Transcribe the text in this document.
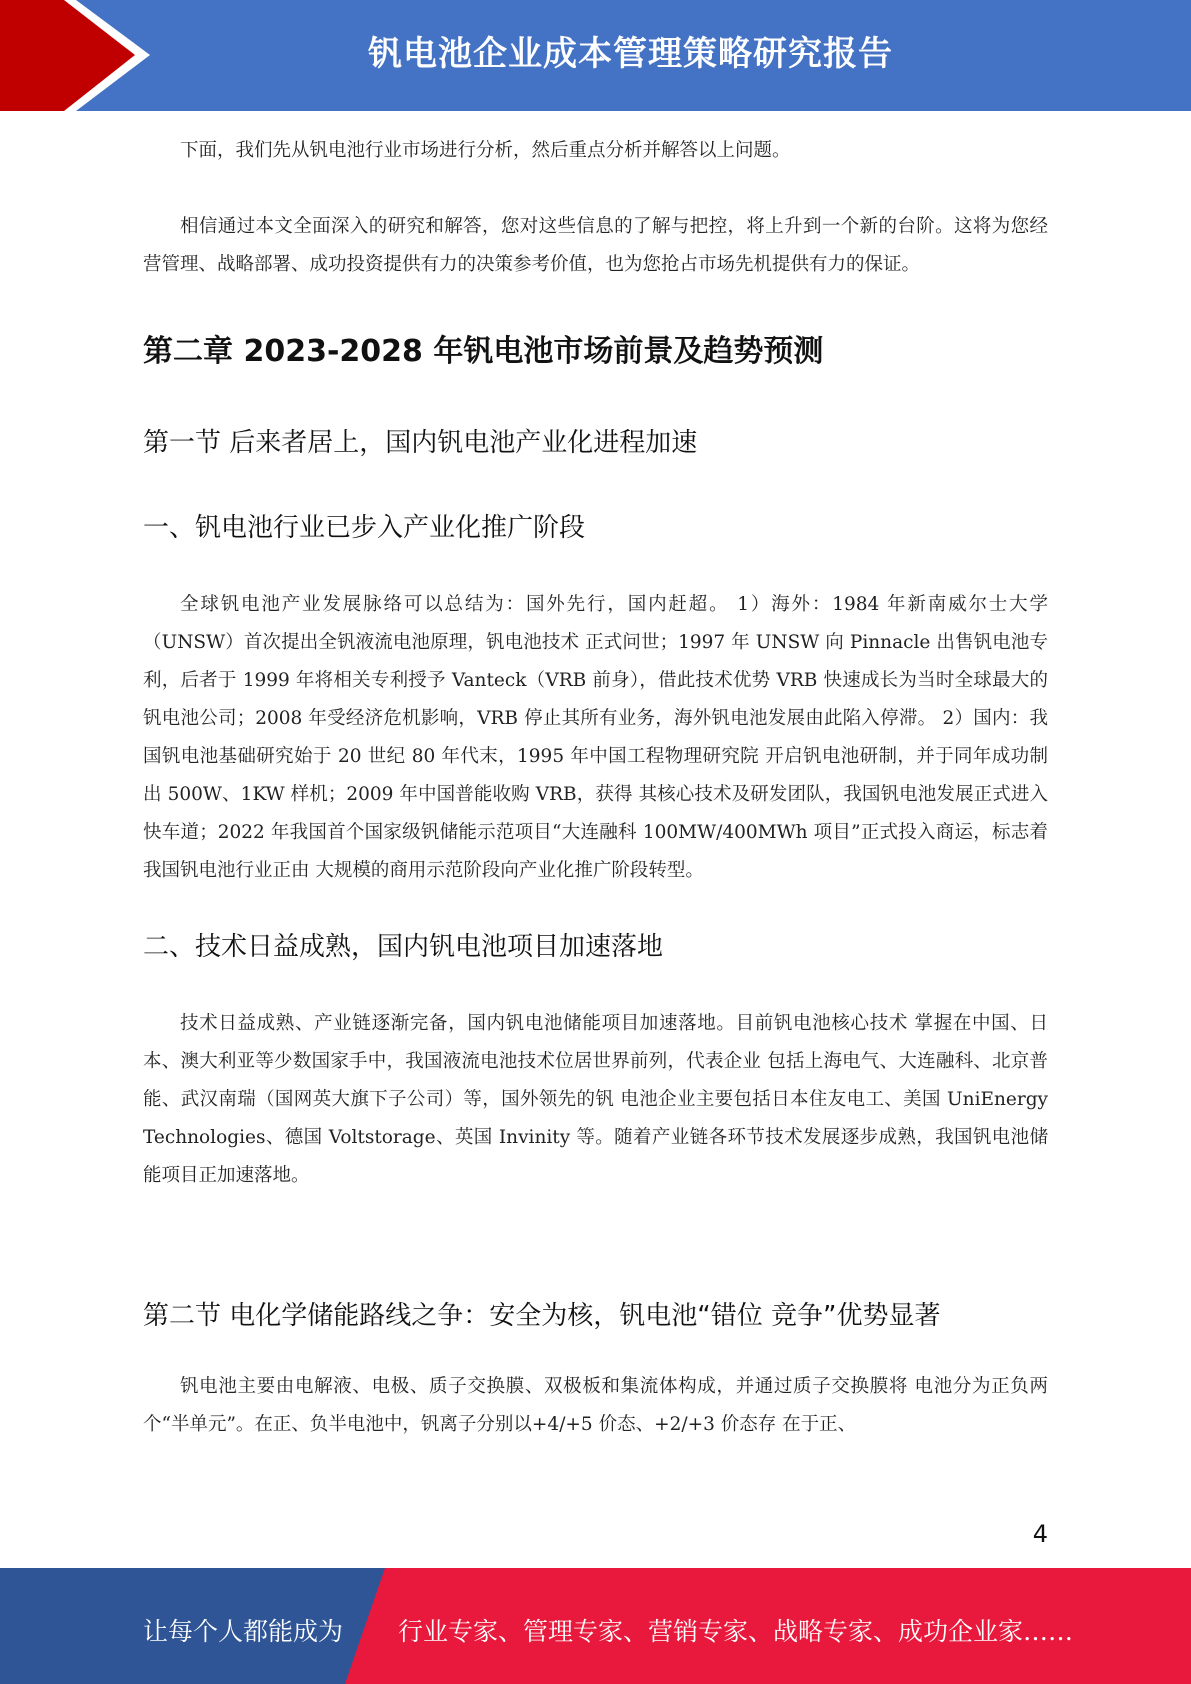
钒电池企业成本管理策略研究报告

下面，我们先从钒电池行业市场进行分析，然后重点分析并解答以上问题。

相信通过本文全面深入的研究和解答，您对这些信息的了解与把控，将上升到一个新的台阶。这将为您经营管理、战略部署、成功投资提供有力的决策参考价值，也为您抢占市场先机提供有力的保证。

第二章 2023-2028 年钒电池市场前景及趋势预测
第一节 后来者居上，国内钒电池产业化进程加速
一、钒电池行业已步入产业化推广阶段

全球钒电池产业发展脉络可以总结为：国外先行，国内赶超。 1）海外：1984 年新南威尔士大学（UNSW）首次提出全钒液流电池原理，钒电池技术 正式问世；1997 年 UNSW 向 Pinnacle 出售钒电池专利，后者于 1999 年将相关专利授予 Vanteck（VRB 前身），借此技术优势 VRB 快速成长为当时全球最大的钒电池公司；2008 年受经济危机影响，VRB 停止其所有业务，海外钒电池发展由此陷入停滞。 2）国内：我国钒电池基础研究始于 20 世纪 80 年代末，1995 年中国工程物理研究院 开启钒电池研制，并于同年成功制出 500W、1KW 样机；2009 年中国普能收购 VRB，获得 其核心技术及研发团队，我国钒电池发展正式进入快车道；2022 年我国首个国家级钒储能示范项目“大连融科 100MW/400MWh 项目”正式投入商运，标志着我国钒电池行业正由 大规模的商用示范阶段向产业化推广阶段转型。

二、技术日益成熟，国内钒电池项目加速落地

技术日益成熟、产业链逐渐完备，国内钒电池储能项目加速落地。目前钒电池核心技术 掌握在中国、日本、澳大利亚等少数国家手中，我国液流电池技术位居世界前列，代表企业 包括上海电气、大连融科、北京普能、武汉南瑞（国网英大旗下子公司）等，国外领先的钒 电池企业主要包括日本住友电工、美国 UniEnergy Technologies、德国 Voltstorage、英国 Invinity 等。随着产业链各环节技术发展逐步成熟，我国钒电池储能项目正加速落地。

第二节 电化学储能路线之争：安全为核，钒电池“错位 竞争”优势显著

钒电池主要由电解液、电极、质子交换膜、双极板和集流体构成，并通过质子交换膜将 电池分为正负两个“半单元”。在正、负半电池中，钒离子分别以+4/+5 价态、+2/+3 价态存 在于正、

4
让每个人都能成为 行业专家、管理专家、营销专家、战略专家、成功企业家……
